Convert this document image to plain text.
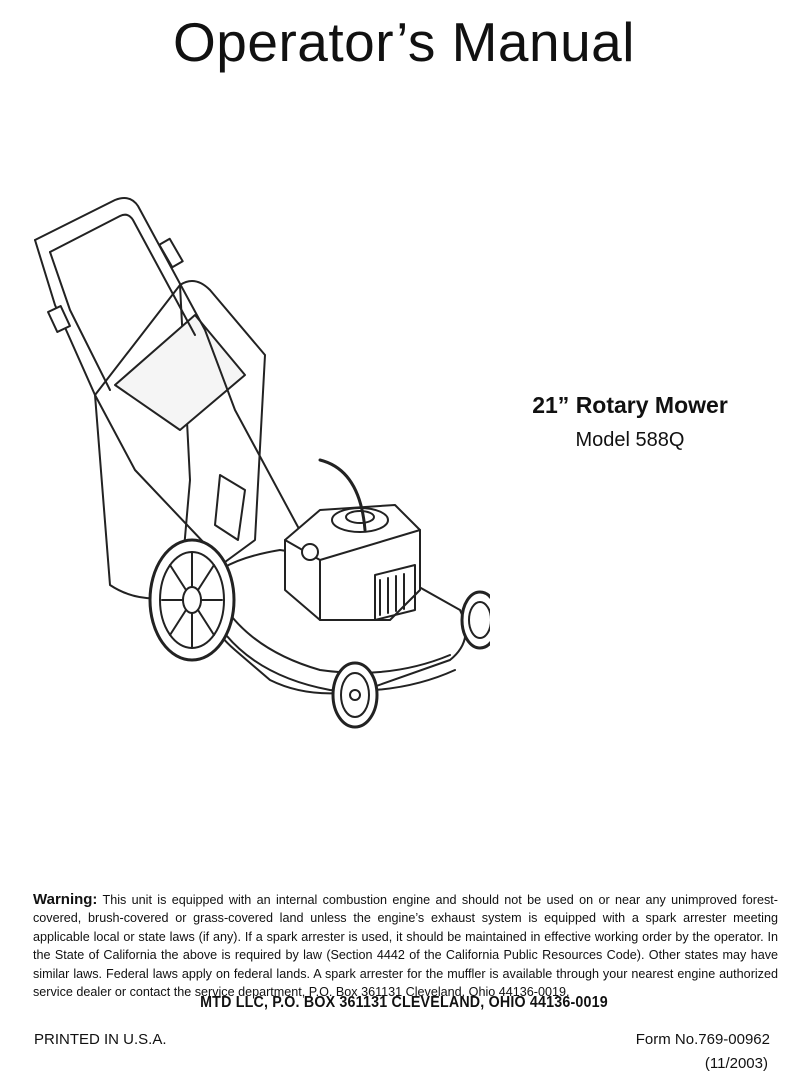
Operator’s Manual
21” Rotary Mower
Model 588Q
Warning: This unit is equipped with an internal combustion engine and should not be used on or near any unimproved forest-covered, brush-covered or grass-covered land unless the engine’s exhaust system is equipped with a spark arrester meeting applicable local or state laws (if any). If a spark arrester is used, it should be maintained in effective working order by the operator. In the State of California the above is required by law (Section 4442 of the California Public Resources Code). Other states may have similar laws. Federal laws apply on federal lands. A spark arrester for the muffler is available through your nearest engine authorized service dealer or contact the service department, P.O. Box 361131 Cleveland, Ohio 44136-0019.
MTD LLC, P.O. BOX 361131 CLEVELAND, OHIO 44136-0019
PRINTED IN U.S.A.	Form No.769-00962
(11/2003)
